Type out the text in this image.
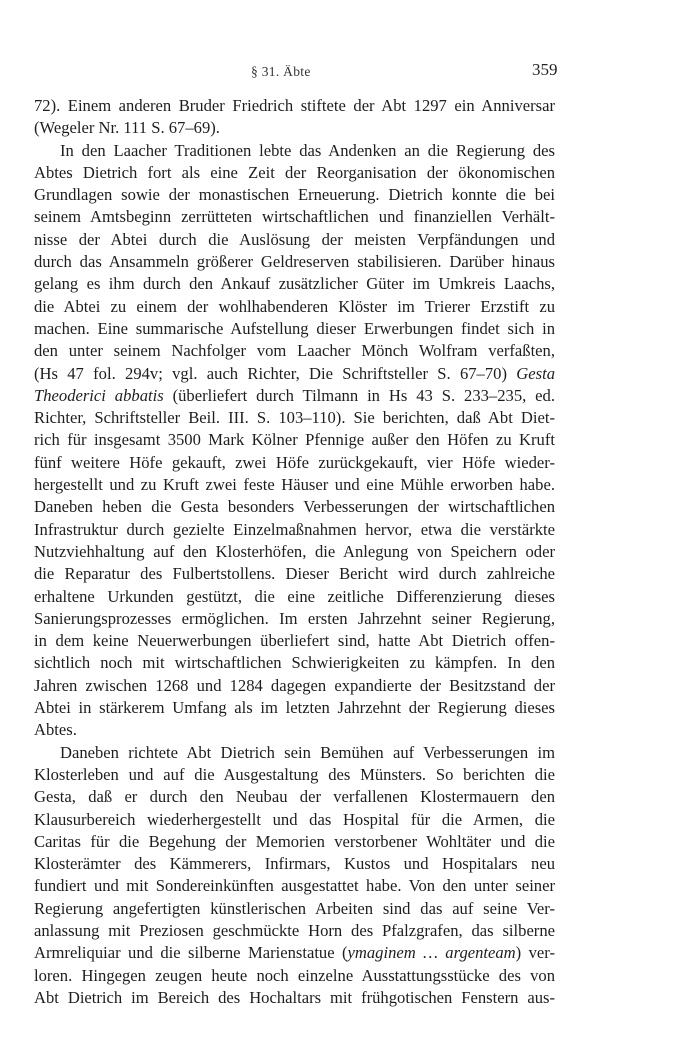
§ 31. Äbte	359
72). Einem anderen Bruder Friedrich stiftete der Abt 1297 ein Anniversar
(Wegeler Nr. 111 S. 67–69).
In den Laacher Traditionen lebte das Andenken an die Regierung des
Abtes Dietrich fort als eine Zeit der Reorganisation der ökonomischen
Grundlagen sowie der monastischen Erneuerung. Dietrich konnte die bei
seinem Amtsbeginn zerrütteten wirtschaftlichen und finanziellen Verhält-
nisse der Abtei durch die Auslösung der meisten Verpfändungen und
durch das Ansammeln größerer Geldreserven stabilisieren. Darüber hinaus
gelang es ihm durch den Ankauf zusätzlicher Güter im Umkreis Laachs,
die Abtei zu einem der wohlhabenderen Klöster im Trierer Erzstift zu
machen. Eine summarische Aufstellung dieser Erwerbungen findet sich in
den unter seinem Nachfolger vom Laacher Mönch Wolfram verfaßten,
(Hs 47 fol. 294v; vgl. auch Richter, Die Schriftsteller S. 67–70) Gesta
Theoderici abbatis (überliefert durch Tilmann in Hs 43 S. 233–235, ed.
Richter, Schriftsteller Beil. III. S. 103–110). Sie berichten, daß Abt Diet-
rich für insgesamt 3500 Mark Kölner Pfennige außer den Höfen zu Kruft
fünf weitere Höfe gekauft, zwei Höfe zurückgekauft, vier Höfe wieder-
hergestellt und zu Kruft zwei feste Häuser und eine Mühle erworben habe.
Daneben heben die Gesta besonders Verbesserungen der wirtschaftlichen
Infrastruktur durch gezielte Einzelmaßnahmen hervor, etwa die verstärkte
Nutzviehhaltung auf den Klosterhöfen, die Anlegung von Speichern oder
die Reparatur des Fulbertstollens. Dieser Bericht wird durch zahlreiche
erhaltene Urkunden gestützt, die eine zeitliche Differenzierung dieses
Sanierungsprozesses ermöglichen. Im ersten Jahrzehnt seiner Regierung,
in dem keine Neuerwerbungen überliefert sind, hatte Abt Dietrich offen-
sichtlich noch mit wirtschaftlichen Schwierigkeiten zu kämpfen. In den
Jahren zwischen 1268 und 1284 dagegen expandierte der Besitzstand der
Abtei in stärkerem Umfang als im letzten Jahrzehnt der Regierung dieses
Abtes.
Daneben richtete Abt Dietrich sein Bemühen auf Verbesserungen im
Klosterleben und auf die Ausgestaltung des Münsters. So berichten die
Gesta, daß er durch den Neubau der verfallenen Klostermauern den
Klausurbereich wiederhergestellt und das Hospital für die Armen, die
Caritas für die Begehung der Memorien verstorbener Wohltäter und die
Klosterämter des Kämmerers, Infirmars, Kustos und Hospitalars neu
fundiert und mit Sondereinkünften ausgestattet habe. Von den unter seiner
Regierung angefertigten künstlerischen Arbeiten sind das auf seine Ver-
anlassung mit Preziosen geschmückte Horn des Pfalzgrafen, das silberne
Armreliquiar und die silberne Marienstatue (ymaginem … argenteam) ver-
loren. Hingegen zeugen heute noch einzelne Ausstattungsstücke des von
Abt Dietrich im Bereich des Hochaltars mit frühgotischen Fenstern aus-
